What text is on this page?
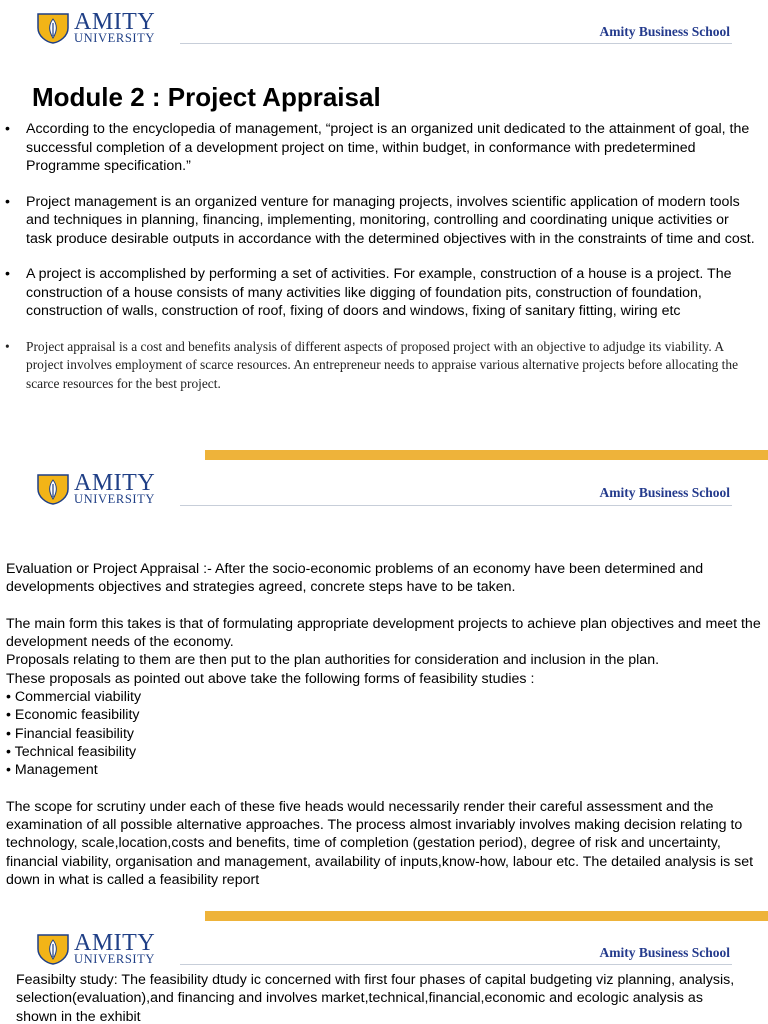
AMITY
UNIVERSITY	Amity Business School
Module 2 : Project Appraisal
• According to the encyclopedia of management, “project is an organized unit dedicated to the attainment of goal, the successful completion of a development project on time, within budget, in conformance with predetermined Programme specification.”
• Project management is an organized venture for managing projects, involves scientific application of modern tools and techniques in planning, financing, implementing, monitoring, controlling and coordinating unique activities or task produce desirable outputs in accordance with the determined objectives with in the constraints of time and cost.
• A project is accomplished by performing a set of activities. For example, construction of a house is a project. The construction of a house consists of many activities like digging of foundation pits, construction of foundation, construction of walls, construction of roof, fixing of doors and windows, fixing of sanitary fitting, wiring etc
• Project appraisal is a cost and benefits analysis of different aspects of proposed project with an objective to adjudge its viability. A project involves employment of scarce resources. An entrepreneur needs to appraise various alternative projects before allocating the scarce resources for the best project.
AMITY
UNIVERSITY	Amity Business School

Evaluation or Project Appraisal :- After the socio-economic problems of an economy have been determined and developments objectives and strategies agreed, concrete steps have to be taken.

The main form this takes is that of formulating appropriate development projects to achieve plan objectives and meet the development needs of the economy.

Proposals relating to them are then put to the plan authorities for consideration and inclusion in the plan.

These proposals as pointed out above take the following forms of feasibility studies :

• Commercial viability

• Economic feasibility

• Financial feasibility

• Technical feasibility

• Management

The scope for scrutiny under each of these five heads would necessarily render their careful assessment and the examination of all possible alternative approaches. The process almost invariably involves making decision relating to technology, scale,location,costs and benefits, time of completion (gestation period), degree of risk and uncertainty, financial viability, organisation and management, availability of inputs,know-how, labour etc. The detailed analysis is set down in what is called a feasibility report

AMITY
UNIVERSITY	Amity Business School

Feasibilty study: The feasibility dtudy ic concerned with first four phases of capital budgeting viz planning, analysis, selection(evaluation),and financing and involves market,technical,financial,economic and ecologic analysis as shown in the exhibit
